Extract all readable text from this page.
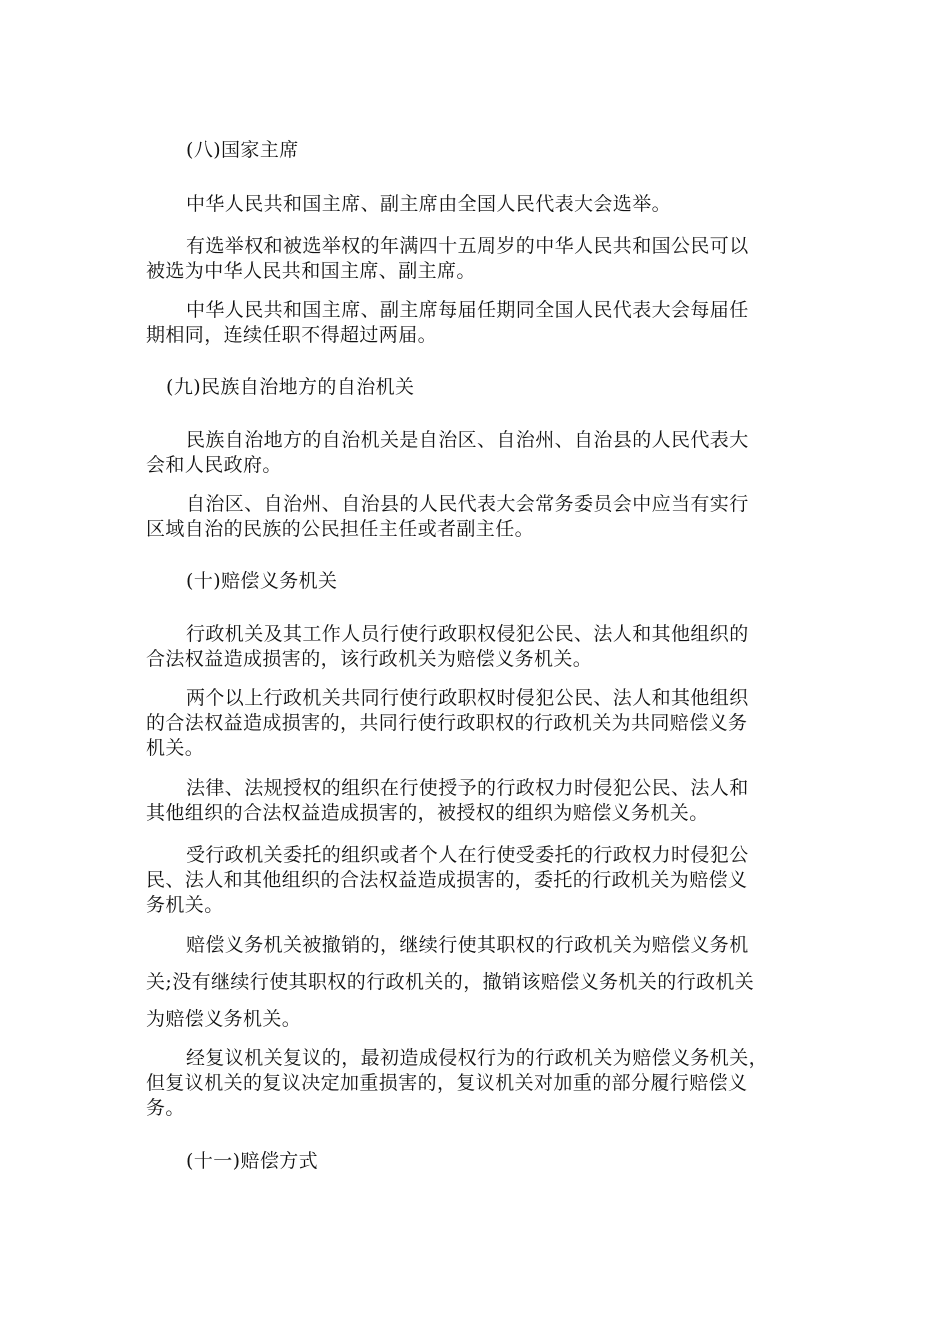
(八)国家主席
中华人民共和国主席、副主席由全国人民代表大会选举。
有选举权和被选举权的年满四十五周岁的中华人民共和国公民可以
被选为中华人民共和国主席、副主席。
中华人民共和国主席、副主席每届任期同全国人民代表大会每届任
期相同，连续任职不得超过两届。
(九)民族自治地方的自治机关
民族自治地方的自治机关是自治区、自治州、自治县的人民代表大
会和人民政府。
自治区、自治州、自治县的人民代表大会常务委员会中应当有实行
区域自治的民族的公民担任主任或者副主任。
(十)赔偿义务机关
行政机关及其工作人员行使行政职权侵犯公民、法人和其他组织的
合法权益造成损害的，该行政机关为赔偿义务机关。
两个以上行政机关共同行使行政职权时侵犯公民、法人和其他组织
的合法权益造成损害的，共同行使行政职权的行政机关为共同赔偿义务
机关。
法律、法规授权的组织在行使授予的行政权力时侵犯公民、法人和
其他组织的合法权益造成损害的，被授权的组织为赔偿义务机关。
受行政机关委托的组织或者个人在行使受委托的行政权力时侵犯公
民、法人和其他组织的合法权益造成损害的，委托的行政机关为赔偿义
务机关。
赔偿义务机关被撤销的，继续行使其职权的行政机关为赔偿义务机
关;没有继续行使其职权的行政机关的，撤销该赔偿义务机关的行政机关
为赔偿义务机关。
经复议机关复议的，最初造成侵权行为的行政机关为赔偿义务机关，
但复议机关的复议决定加重损害的，复议机关对加重的部分履行赔偿义
务。
(十一)赔偿方式
